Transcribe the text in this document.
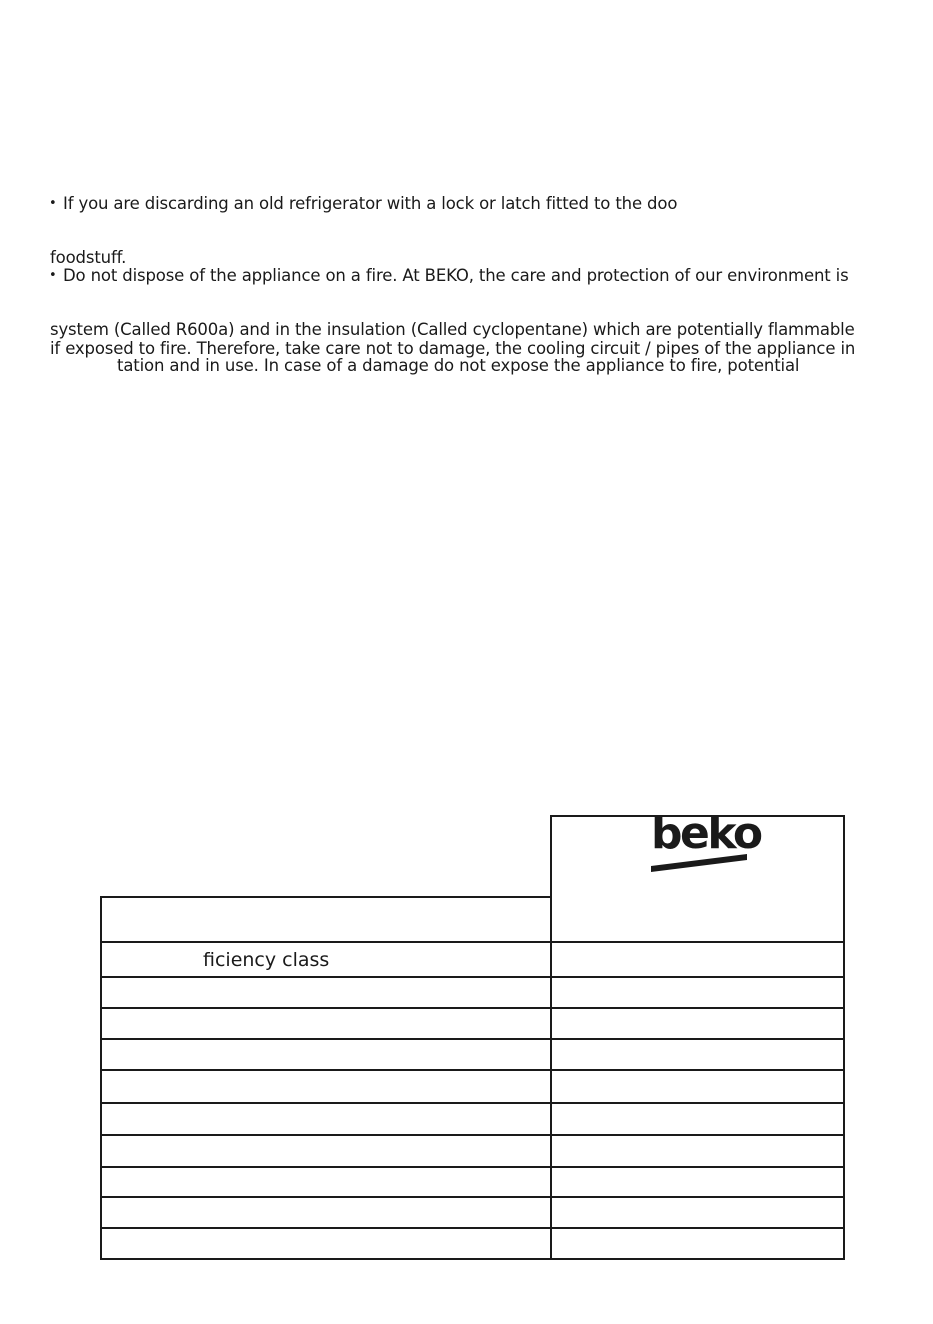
• If you are discarding an old refrigerator with a lock or latch fitted to the doo
foodstuff.
• Do not dispose of the appliance on a fire. At BEKO, the care and protection of our environment is
system (Called R600a) and in the insulation (Called cyclopentane) which are potentially flammable
if exposed to fire. Therefore, take care not to damage, the cooling circuit / pipes of the appliance in
tation and in use. In case of a damage do not expose the appliance to fire, potential
beko
ficiency class
